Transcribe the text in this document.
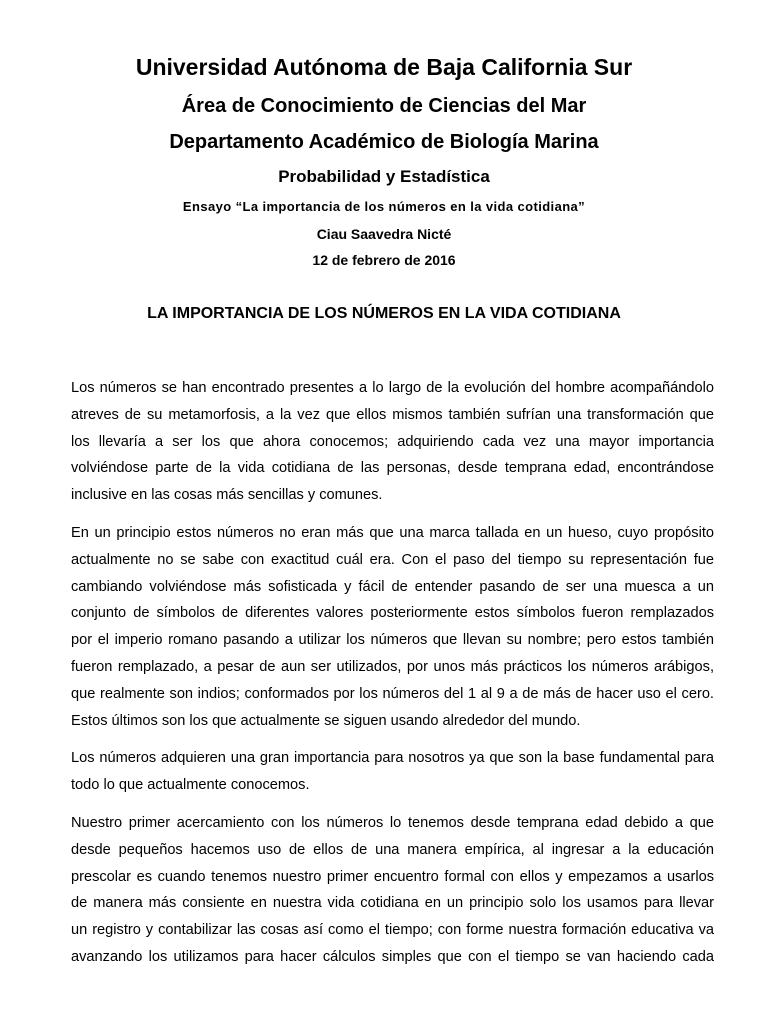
Universidad Autónoma de Baja California Sur
Área de Conocimiento de Ciencias del Mar
Departamento Académico de Biología Marina
Probabilidad y Estadística
Ensayo “La importancia de los números en la vida cotidiana”
Ciau Saavedra Nicté
12 de febrero de 2016
LA IMPORTANCIA DE LOS NÚMEROS EN LA VIDA COTIDIANA

Los números se han encontrado presentes a lo largo de la evolución del hombre acompañándolo
atreves de su metamorfosis, a la vez que ellos mismos también sufrían una transformación que
los llevaría a ser los que ahora conocemos; adquiriendo cada vez una mayor importancia
volviéndose parte de la vida cotidiana de las personas, desde temprana edad, encontrándose
inclusive en las cosas más sencillas y comunes.

En un principio estos números no eran más que una marca tallada en un hueso, cuyo propósito
actualmente no se sabe con exactitud cuál era. Con el paso del tiempo su representación fue
cambiando volviéndose más sofisticada y fácil de entender pasando de ser una muesca a un
conjunto de símbolos de diferentes valores posteriormente estos símbolos fueron remplazados
por el imperio romano pasando a utilizar los números que llevan su nombre; pero estos también
fueron remplazado, a pesar de aun ser utilizados, por unos más prácticos los números arábigos,
que realmente son indios; conformados por los números del 1 al 9 a de más de hacer uso el cero.
Estos últimos son los que actualmente se siguen usando alrededor del mundo.

Los números adquieren una gran importancia para nosotros ya que son la base fundamental para
todo lo que actualmente conocemos.

Nuestro primer acercamiento con los números lo tenemos desde temprana edad debido a que
desde pequeños hacemos uso de ellos de una manera empírica, al ingresar a la educación
prescolar es cuando tenemos nuestro primer encuentro formal con ellos y empezamos a usarlos
de manera más consiente en nuestra vida cotidiana en un principio solo los usamos para llevar
un registro y contabilizar las cosas así como el tiempo; con forme nuestra formación educativa va
avanzando los utilizamos para hacer cálculos simples que con el tiempo se van haciendo cada
